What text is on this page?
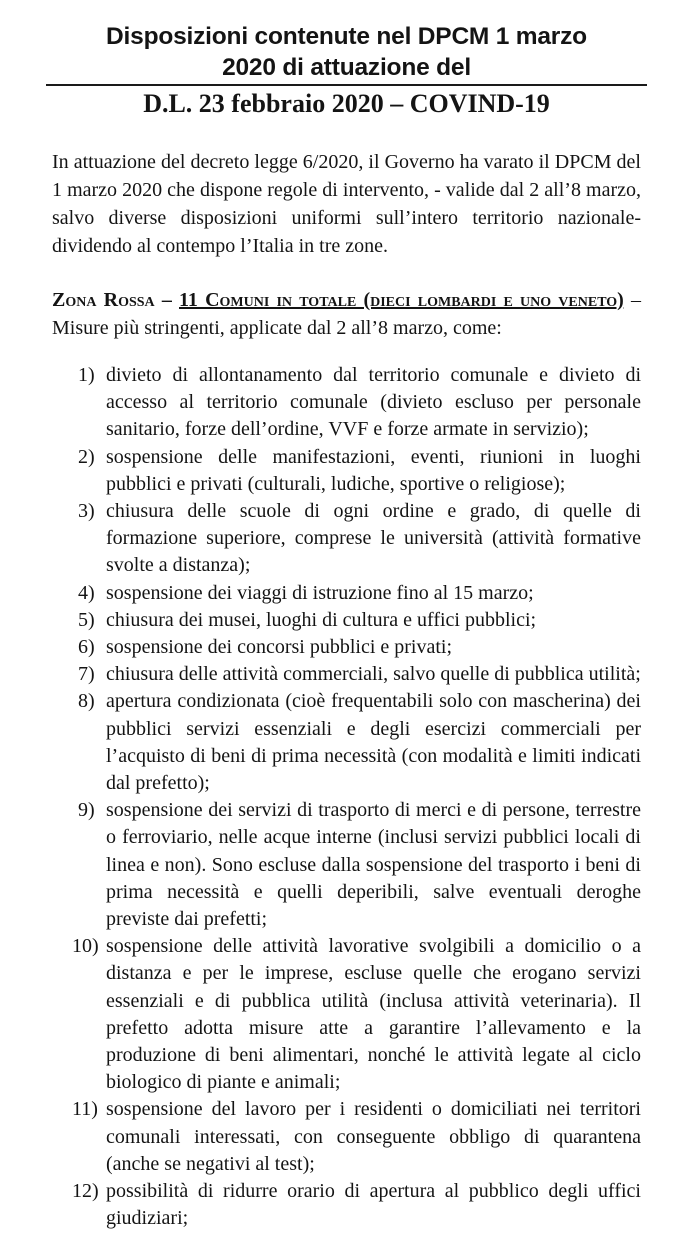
Disposizioni contenute nel DPCM 1 marzo
2020 di attuazione del
D.L. 23 febbraio 2020 – COVIND-19

In attuazione del decreto legge 6/2020, il Governo ha varato il DPCM del 1 marzo 2020 che dispone regole di intervento, - valide dal 2 all’8 marzo, salvo diverse disposizioni uniformi sull’intero territorio nazionale- dividendo al contempo l’Italia in tre zone.

Zona Rossa – 11 Comuni in totale (dieci lombardi e uno veneto) – Misure più stringenti, applicate dal 2 all’8 marzo, come:

1) divieto di allontanamento dal territorio comunale e divieto di accesso al territorio comunale (divieto escluso per personale sanitario, forze dell’ordine, VVF e forze armate in servizio);
2) sospensione delle manifestazioni, eventi, riunioni in luoghi pubblici e privati (culturali, ludiche, sportive o religiose);
3) chiusura delle scuole di ogni ordine e grado, di quelle di formazione superiore, comprese le università (attività formative svolte a distanza);
4) sospensione dei viaggi di istruzione fino al 15 marzo;
5) chiusura dei musei, luoghi di cultura e uffici pubblici;
6) sospensione dei concorsi pubblici e privati;
7) chiusura delle attività commerciali, salvo quelle di pubblica utilità;
8) apertura condizionata (cioè frequentabili solo con mascherina) dei pubblici servizi essenziali e degli esercizi commerciali per l’acquisto di beni di prima necessità (con modalità e limiti indicati dal prefetto);
9) sospensione dei servizi di trasporto di merci e di persone, terrestre o ferroviario, nelle acque interne (inclusi servizi pubblici locali di linea e non). Sono escluse dalla sospensione del trasporto i beni di prima necessità e quelli deperibili, salve eventuali deroghe previste dai prefetti;
10) sospensione delle attività lavorative svolgibili a domicilio o a distanza e per le imprese, escluse quelle che erogano servizi essenziali e di pubblica utilità (inclusa attività veterinaria). Il prefetto adotta misure atte a garantire l’allevamento e la produzione di beni alimentari, nonché le attività legate al ciclo biologico di piante e animali;
11) sospensione del lavoro per i residenti o domiciliati nei territori comunali interessati, con conseguente obbligo di quarantena (anche se negativi al test);
12) possibilità di ridurre orario di apertura al pubblico degli uffici giudiziari;
